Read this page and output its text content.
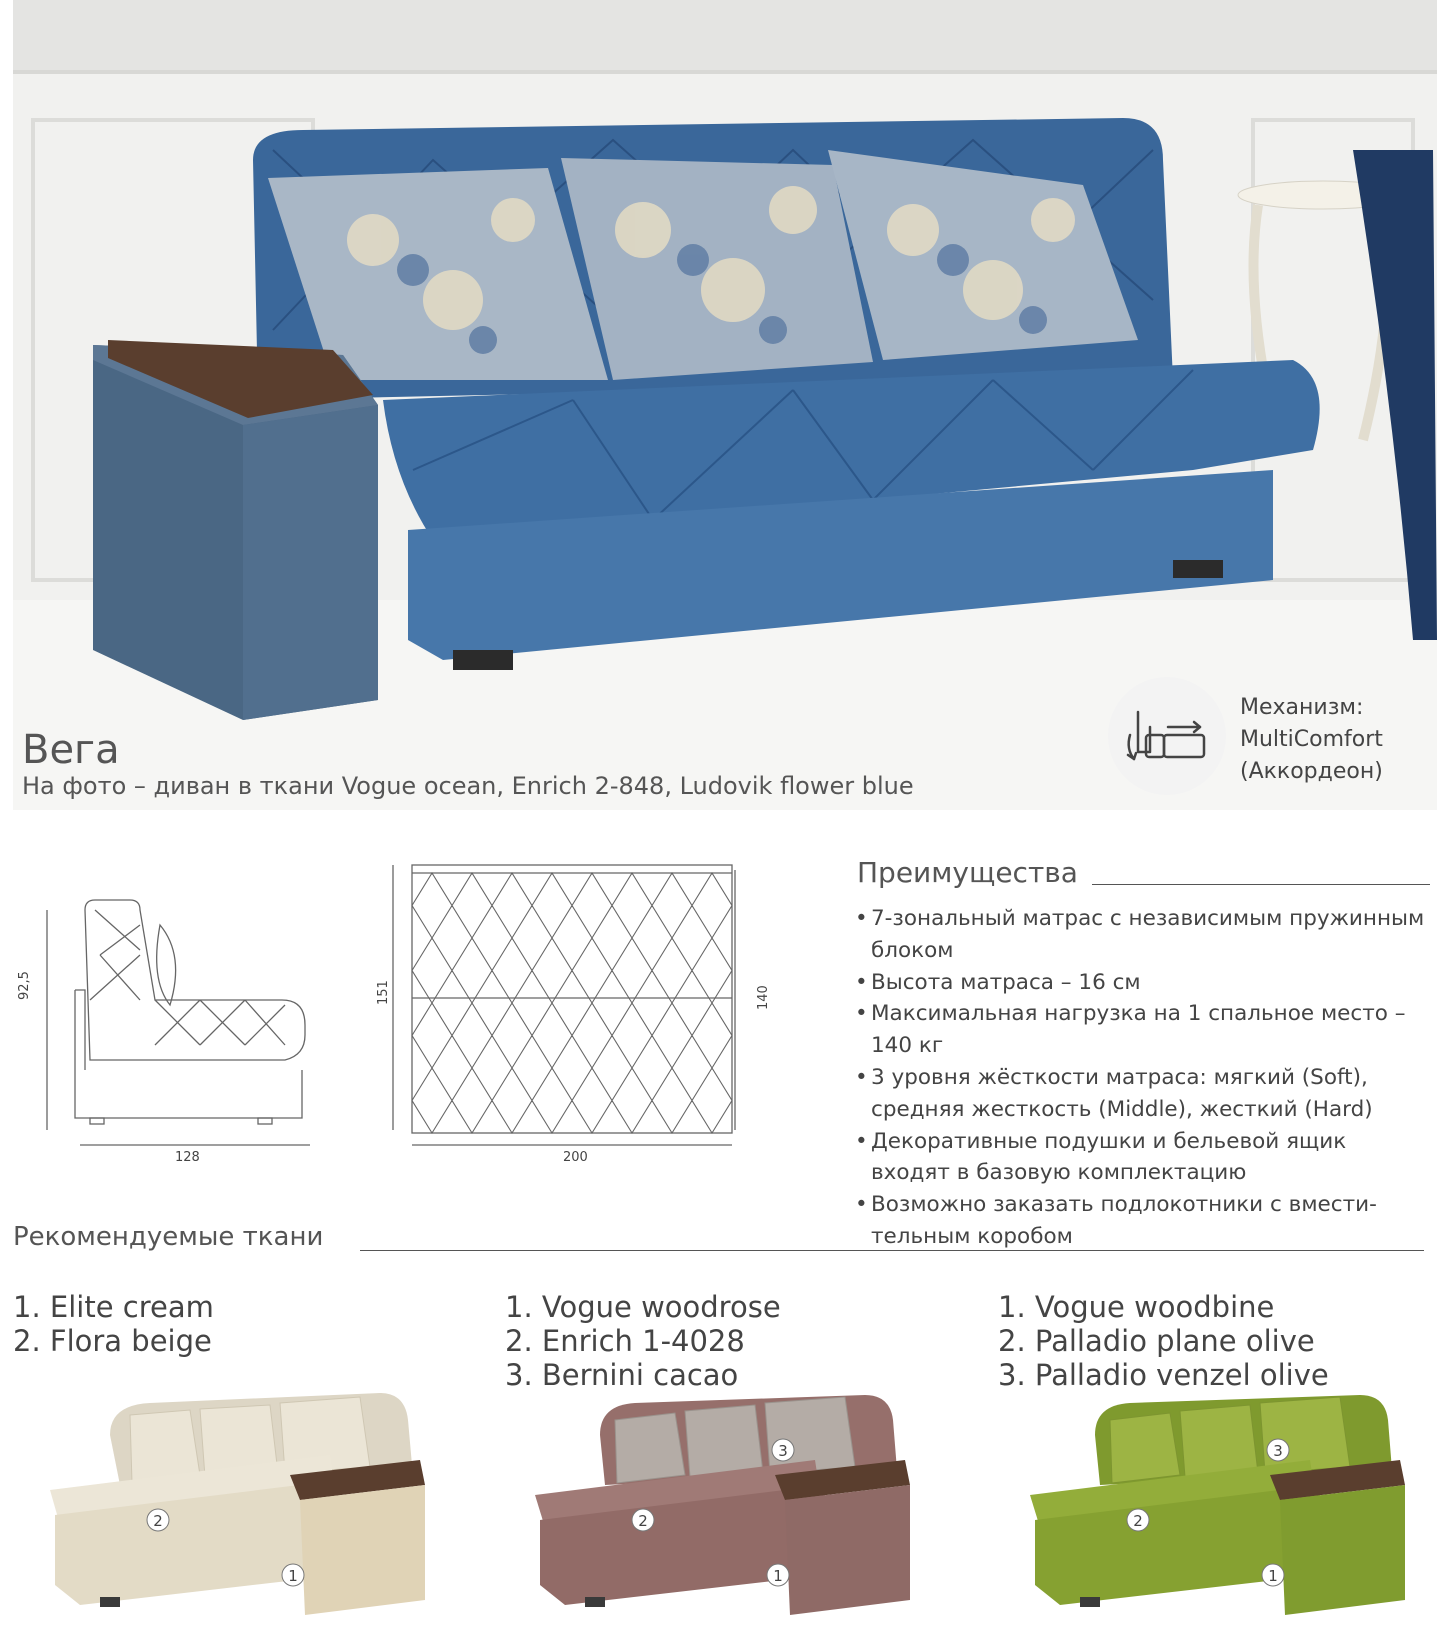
Вега
На фото – диван в ткани Vogue ocean, Enrich 2-848, Ludovik flower blue
Механизм:
MultiComfort
(Аккордеон)
92,5
128
151	140
200
Преимущества
• 7-зональный матрас с независимым пружинным блоком
• Высота матраса – 16 см
• Максимальная нагрузка на 1 спальное место – 140 кг
• 3 уровня жёсткости матраса: мягкий (Soft), средняя жесткость (Middle), жесткий (Hard)
• Декоративные подушки и бельевой ящик входят в базовую комплектацию
• Возможно заказать подлокотники с вмести-тельным коробом
Рекомендуемые ткани
1. Elite cream
2. Flora beige
1. Vogue woodrose
2. Enrich 1-4028
3. Bernini cacao
1. Vogue woodbine
2. Palladio plane olive
3. Palladio venzel olive
2
1
3
2
1
3
2
1
